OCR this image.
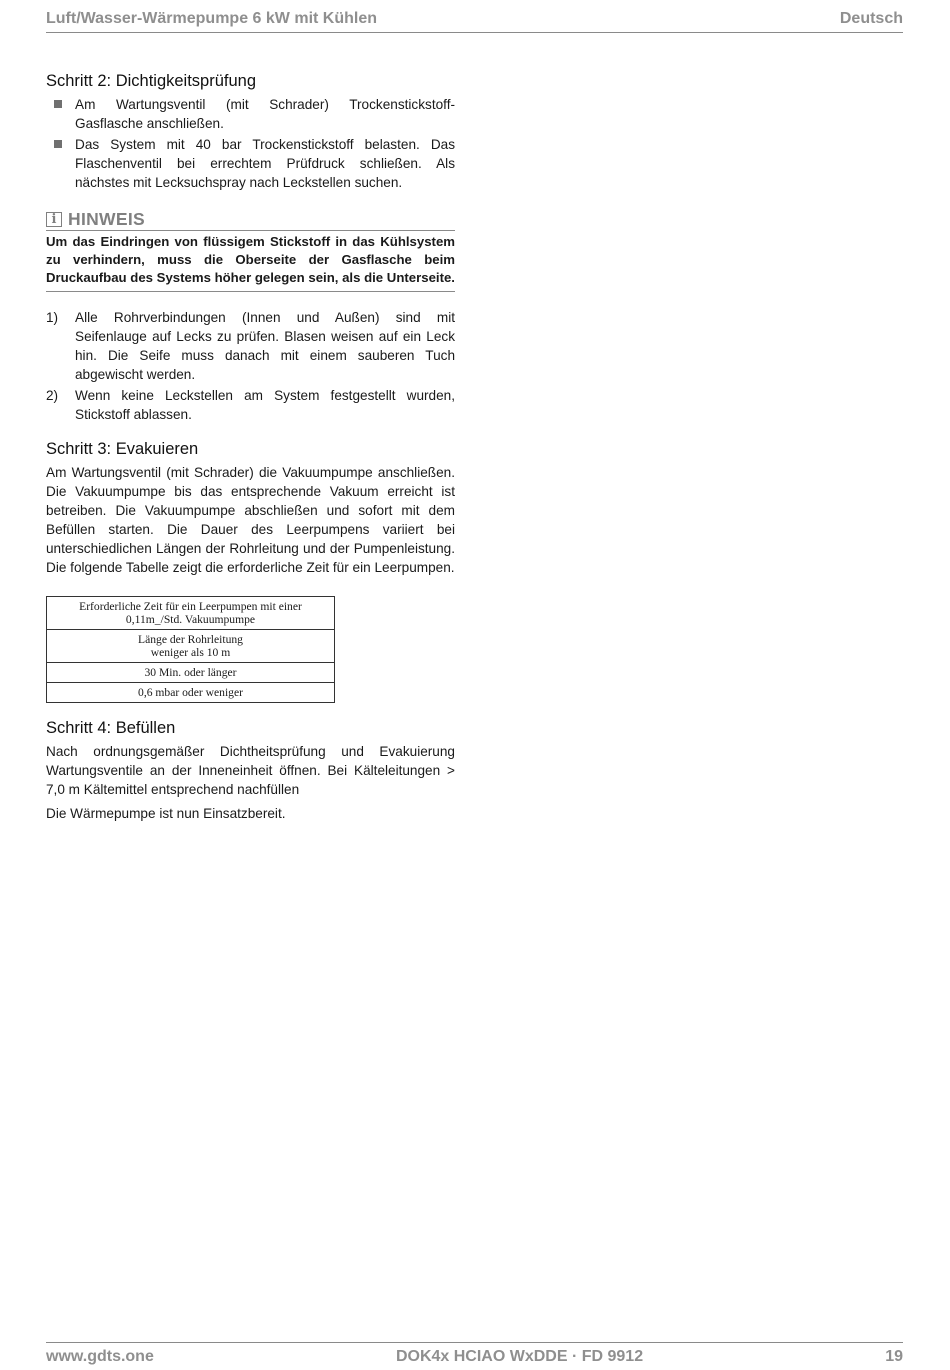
Luft/Wasser-Wärmepumpe 6 kW mit Kühlen	Deutsch
Schritt 2: Dichtigkeitsprüfung
Am Wartungsventil (mit Schrader) Trockenstickstoff-Gasflasche anschließen.
Das System mit 40 bar Trockenstickstoff belasten. Das Flaschenventil bei errechtem Prüfdruck schließen. Als nächstes mit Lecksuchspray nach Leckstellen suchen.
i HINWEIS
Um das Eindringen von flüssigem Stickstoff in das Kühlsystem zu verhindern, muss die Oberseite der Gasflasche beim Druckaufbau des Systems höher gelegen sein, als die Unterseite.
1) Alle Rohrverbindungen (Innen und Außen) sind mit Seifenlauge auf Lecks zu prüfen. Blasen weisen auf ein Leck hin. Die Seife muss danach mit einem sauberen Tuch abgewischt werden.
2) Wenn keine Leckstellen am System festgestellt wurden, Stickstoff ablassen.
Schritt 3: Evakuieren

Am Wartungsventil (mit Schrader) die Vakuumpumpe anschließen. Die Vakuumpumpe bis das entsprechende Vakuum erreicht ist betreiben. Die Vakuumpumpe abschließen und sofort mit dem Befüllen starten. Die Dauer des Leerpumpens variiert bei unterschiedlichen Längen der Rohrleitung und der Pumpenleistung. Die folgende Tabelle zeigt die erforderliche Zeit für ein Leerpumpen.

Erforderliche Zeit für ein Leerpumpen mit einer
0,11m_/Std. Vakuumpumpe

Länge der Rohrleitung
weniger als 10 m

30 Min. oder länger

0,6 mbar oder weniger
Schritt 4: Befüllen

Nach ordnungsgemäßer Dichtheitsprüfung und Evakuierung Wartungsventile an der Inneneinheit öffnen. Bei Kälteleitungen > 7,0 m Kältemittel entsprechend nachfüllen

Die Wärmepumpe ist nun Einsatzbereit.

www.gdts.one	DOK4x HCIAO WxDDE · FD 9912	19
